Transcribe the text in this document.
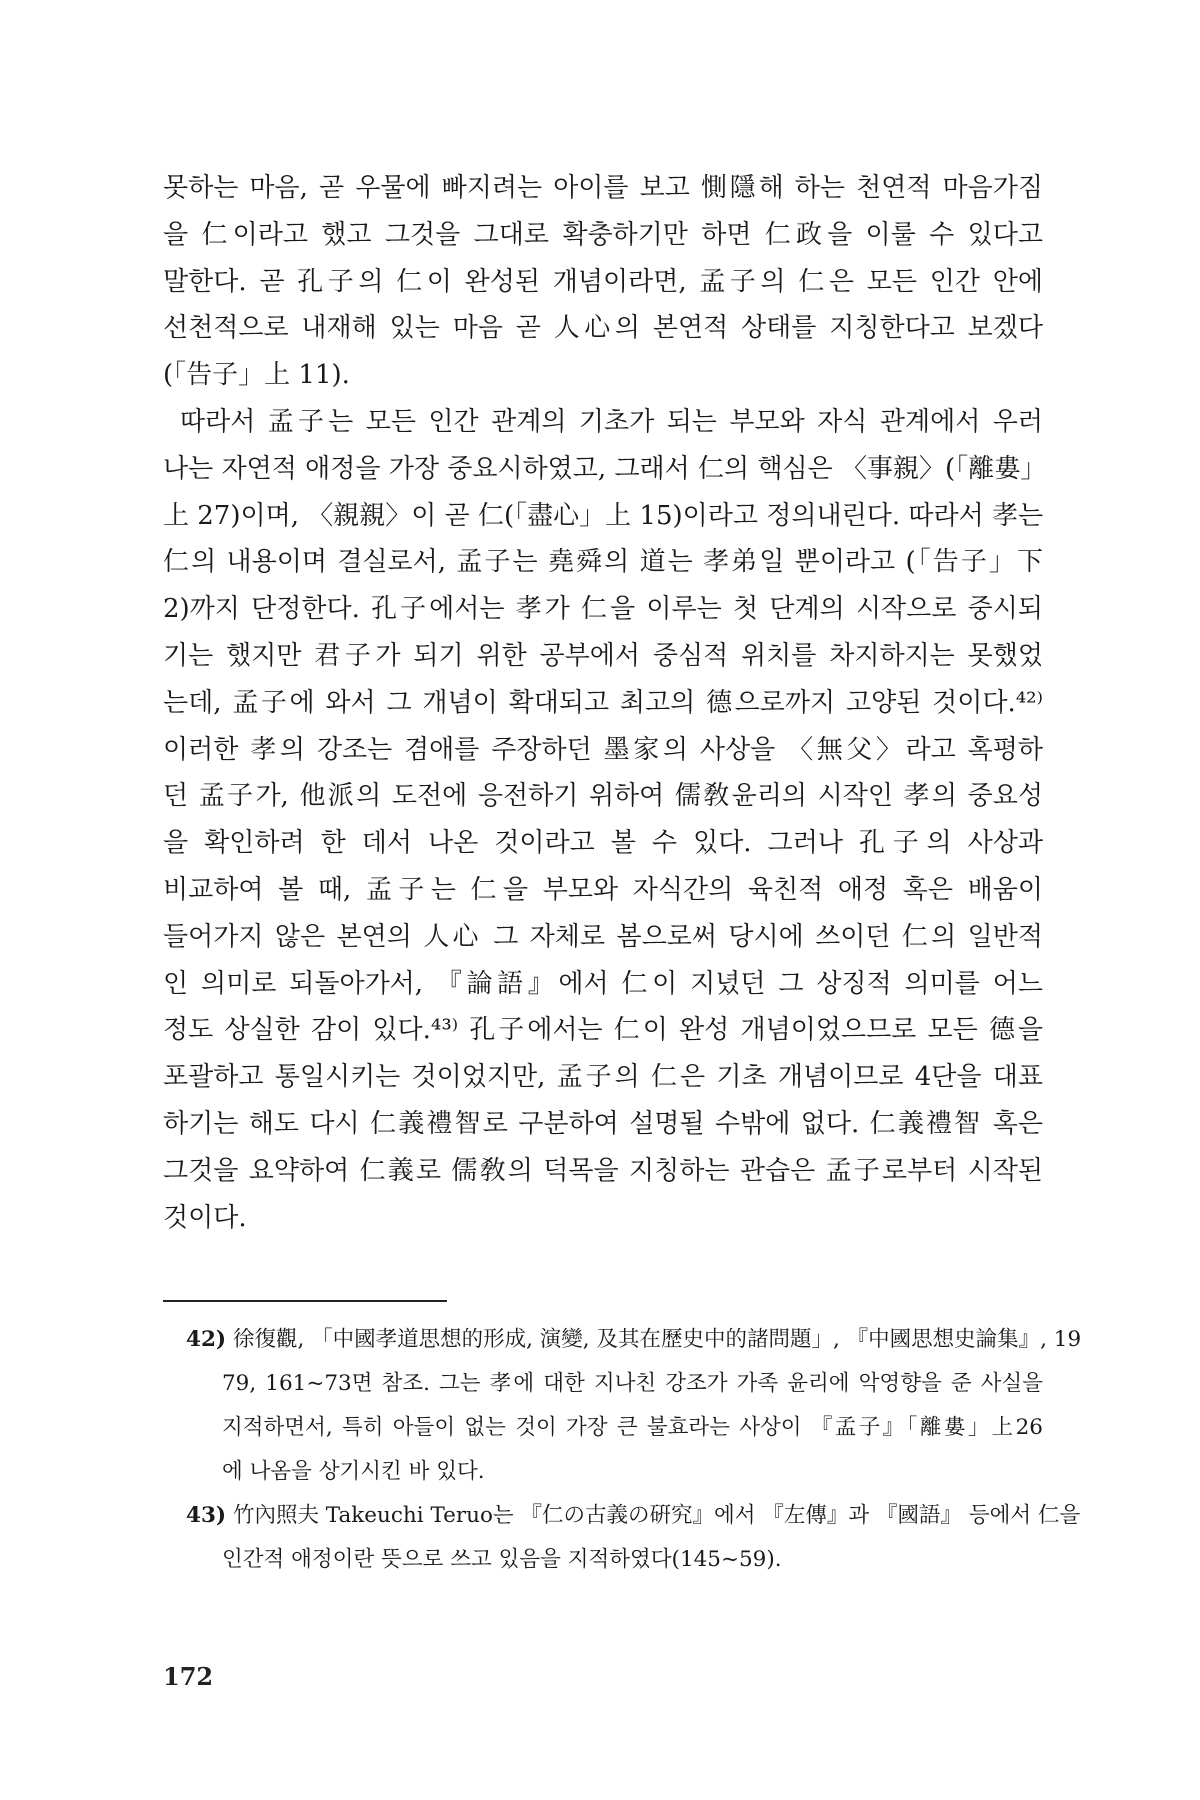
못하는 마음, 곧 우물에 빠지려는 아이를 보고 惻隱해 하는 천연적 마음가짐
을 仁이라고 했고 그것을 그대로 확충하기만 하면 仁政을 이룰 수 있다고
말한다. 곧 孔子의 仁이 완성된 개념이라면, 孟子의 仁은 모든 인간 안에
선천적으로 내재해 있는 마음 곧 人心의 본연적 상태를 지칭한다고 보겠다
(「告子」上 11).
따라서 孟子는 모든 인간 관계의 기초가 되는 부모와 자식 관계에서 우러
나는 자연적 애정을 가장 중요시하였고, 그래서 仁의 핵심은 〈事親〉(「離婁」
上 27)이며, 〈親親〉이 곧 仁(「盡心」上 15)이라고 정의내린다. 따라서 孝는
仁의 내용이며 결실로서, 孟子는 堯舜의 道는 孝弟일 뿐이라고 (「告子」下
2)까지 단정한다. 孔子에서는 孝가 仁을 이루는 첫 단계의 시작으로 중시되
기는 했지만 君子가 되기 위한 공부에서 중심적 위치를 차지하지는 못했었
는데, 孟子에 와서 그 개념이 확대되고 최고의 德으로까지 고양된 것이다.⁴²⁾
이러한 孝의 강조는 겸애를 주장하던 墨家의 사상을 〈無父〉라고 혹평하
던 孟子가, 他派의 도전에 응전하기 위하여 儒敎윤리의 시작인 孝의 중요성
을 확인하려 한 데서 나온 것이라고 볼 수 있다. 그러나 孔子의 사상과
비교하여 볼 때, 孟子는 仁을 부모와 자식간의 육친적 애정 혹은 배움이
들어가지 않은 본연의 人心 그 자체로 봄으로써 당시에 쓰이던 仁의 일반적
인 의미로 되돌아가서, 『論語』에서 仁이 지녔던 그 상징적 의미를 어느
정도 상실한 감이 있다.⁴³⁾ 孔子에서는 仁이 완성 개념이었으므로 모든 德을
포괄하고 통일시키는 것이었지만, 孟子의 仁은 기초 개념이므로 4단을 대표
하기는 해도 다시 仁義禮智로 구분하여 설명될 수밖에 없다. 仁義禮智 혹은
그것을 요약하여 仁義로 儒敎의 덕목을 지칭하는 관습은 孟子로부터 시작된
것이다.
42) 徐復觀, 「中國孝道思想的形成, 演變, 及其在歷史中的諸問題」, 『中國思想史論集』, 19
79, 161~73면 참조. 그는 孝에 대한 지나친 강조가 가족 윤리에 악영향을 준 사실을
지적하면서, 특히 아들이 없는 것이 가장 큰 불효라는 사상이 『孟子』「離婁」上26
에 나옴을 상기시킨 바 있다.
43) 竹內照夫 Takeuchi Teruo는 『仁の古義の硏究』에서 『左傳』과 『國語』 등에서 仁을
인간적 애정이란 뜻으로 쓰고 있음을 지적하였다(145~59).
172
